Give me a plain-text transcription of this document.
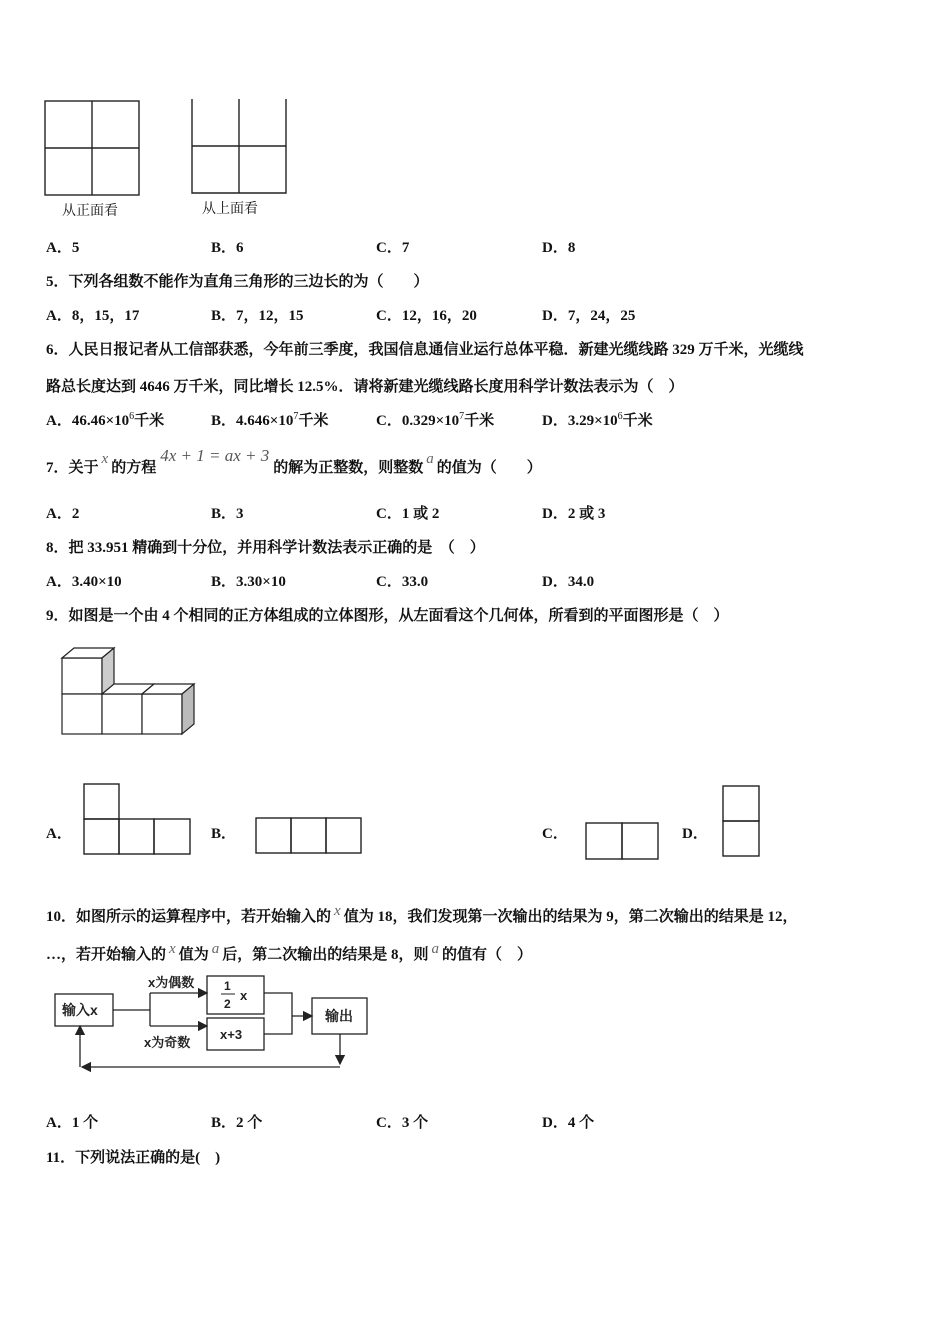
从正面看	从上面看
A．5	B．6	C．7	D．8
5．下列各组数不能作为直角三角形的三边长的为（　　）
A．8，15，17	B．7，12，15	C．12，16，20	D．7，24，25
6．人民日报记者从工信部获悉，今年前三季度，我国信息通信业运行总体平稳．新建光缆线路 329 万千米，光缆线
路总长度达到 4646 万千米，同比增长 12.5%．请将新建光缆线路长度用科学计数法表示为（　）
A．$46.46\times 10^6$千米	B．$4.646\times 10^7$千米	C．$0.329\times 10^7$千米	D．$3.29\times 10^6$千米
7．关于x的方程4x + 1 = ax + 3的解为正整数，则整数a的值为（　　）
A．2	B．3	C．1 或 2	D．2 或 3
8．把 33.951 精确到十分位，并用科学计数法表示正确的是　（　）
A．3.40×10	B．3.30×10	C．33.0	D．34.0
9．如图是一个由 4 个相同的正方体组成的立体图形，从左面看这个几何体，所看到的平面图形是（　）
A．	B．	C．	D．
10．如图所示的运算程序中，若开始输入的 x 值为 18，我们发现第一次输出的结果为 9，第二次输出的结果是 12，
…，若开始输入的 x 值为 a 后，第二次输出的结果是 8，则 a 的值有（　）
输入x
x为偶数
x为奇数
1
2
x
x+3
输出
A．1 个	B．2 个	C．3 个	D．4 个
11．下列说法正确的是(　)
